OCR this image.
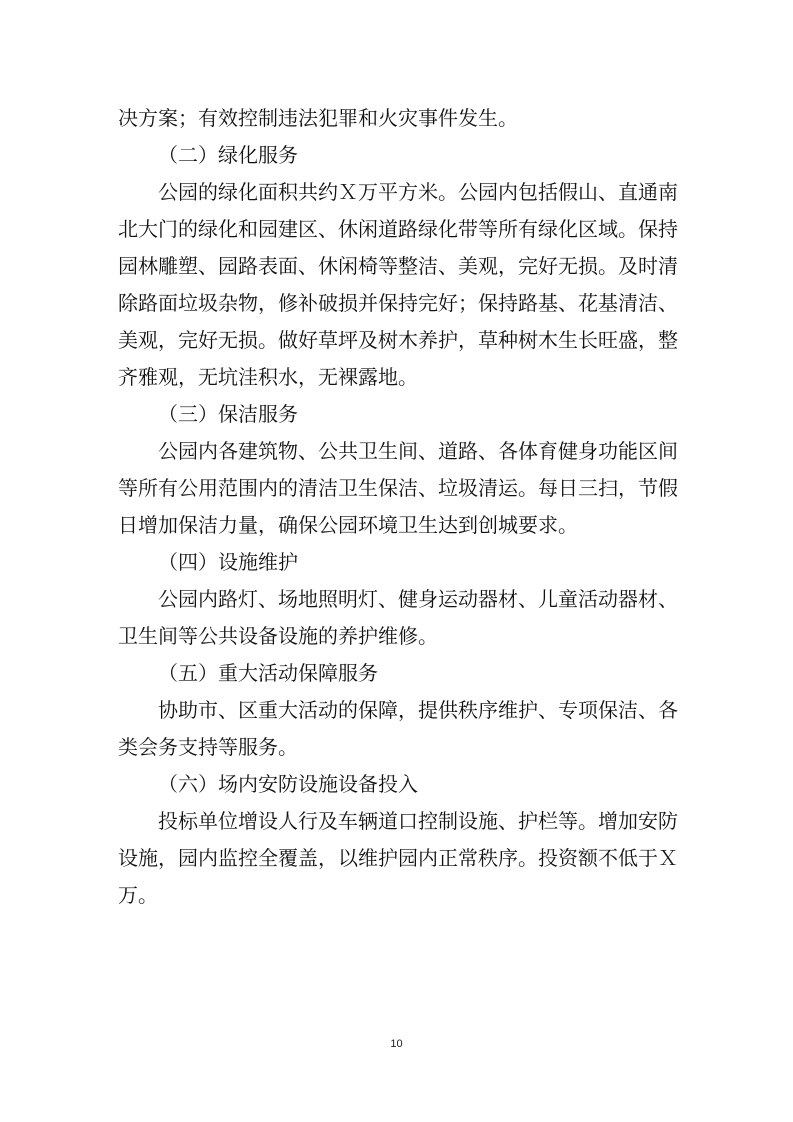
决方案；有效控制违法犯罪和火灾事件发生。

（二）绿化服务

公园的绿化面积共约Ｘ万平方米。公园内包括假山、直通南北大门的绿化和园建区、休闲道路绿化带等所有绿化区域。保持园林雕塑、园路表面、休闲椅等整洁、美观，完好无损。及时清除路面垃圾杂物，修补破损并保持完好；保持路基、花基清洁、美观，完好无损。做好草坪及树木养护，草种树木生长旺盛，整齐雅观，无坑洼积水，无裸露地。

（三）保洁服务

公园内各建筑物、公共卫生间、道路、各体育健身功能区间等所有公用范围内的清洁卫生保洁、垃圾清运。每日三扫，节假日增加保洁力量，确保公园环境卫生达到创城要求。

（四）设施维护

公园内路灯、场地照明灯、健身运动器材、儿童活动器材、卫生间等公共设备设施的养护维修。

（五）重大活动保障服务

协助市、区重大活动的保障，提供秩序维护、专项保洁、各类会务支持等服务。

（六）场内安防设施设备投入

投标单位增设人行及车辆道口控制设施、护栏等。增加安防设施，园内监控全覆盖，以维护园内正常秩序。投资额不低于Ｘ万。

10
